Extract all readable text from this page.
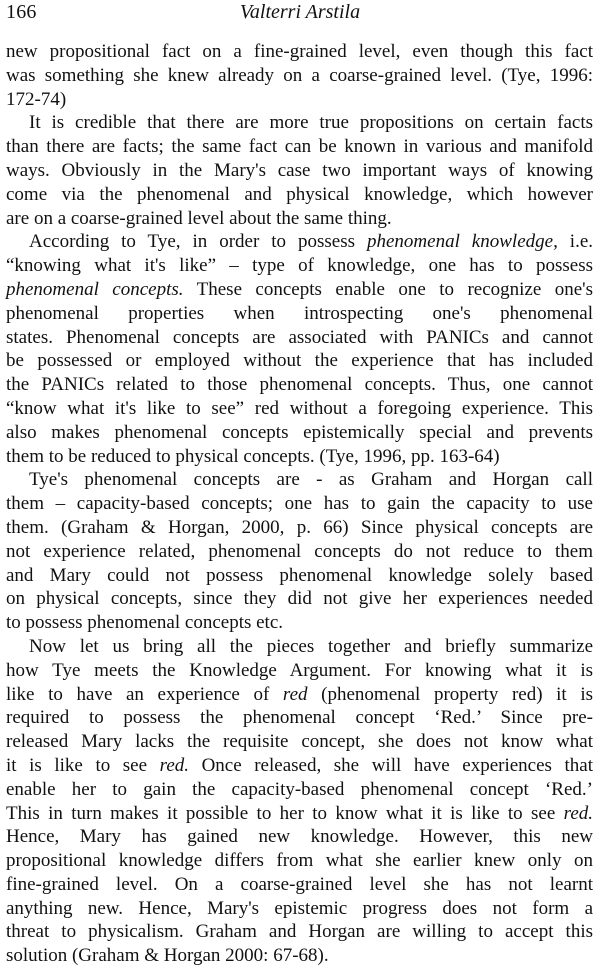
166	Valterri Arstila
new propositional fact on a fine-grained level, even though this fact
was something she knew already on a coarse-grained level. (Tye, 1996:
172-74)
It is credible that there are more true propositions on certain facts
than there are facts; the same fact can be known in various and manifold
ways. Obviously in the Mary's case two important ways of knowing
come via the phenomenal and physical knowledge, which however
are on a coarse-grained level about the same thing.
According to Tye, in order to possess phenomenal knowledge, i.e.
“knowing what it's like” – type of knowledge, one has to possess
phenomenal concepts. These concepts enable one to recognize one's
phenomenal properties when introspecting one's phenomenal
states. Phenomenal concepts are associated with PANICs and cannot
be possessed or employed without the experience that has included
the PANICs related to those phenomenal concepts. Thus, one cannot
“know what it's like to see” red without a foregoing experience. This
also makes phenomenal concepts epistemically special and prevents
them to be reduced to physical concepts. (Tye, 1996, pp. 163-64)
Tye's phenomenal concepts are - as Graham and Horgan call
them – capacity-based concepts; one has to gain the capacity to use
them. (Graham & Horgan, 2000, p. 66) Since physical concepts are
not experience related, phenomenal concepts do not reduce to them
and Mary could not possess phenomenal knowledge solely based
on physical concepts, since they did not give her experiences needed
to possess phenomenal concepts etc.
Now let us bring all the pieces together and briefly summarize
how Tye meets the Knowledge Argument. For knowing what it is
like to have an experience of red (phenomenal property red) it is
required to possess the phenomenal concept ‘Red.’ Since pre-
released Mary lacks the requisite concept, she does not know what
it is like to see red. Once released, she will have experiences that
enable her to gain the capacity-based phenomenal concept ‘Red.’
This in turn makes it possible to her to know what it is like to see red.
Hence, Mary has gained new knowledge. However, this new
propositional knowledge differs from what she earlier knew only on
fine-grained level. On a coarse-grained level she has not learnt
anything new. Hence, Mary's epistemic progress does not form a
threat to physicalism. Graham and Horgan are willing to accept this
solution (Graham & Horgan 2000: 67-68).
